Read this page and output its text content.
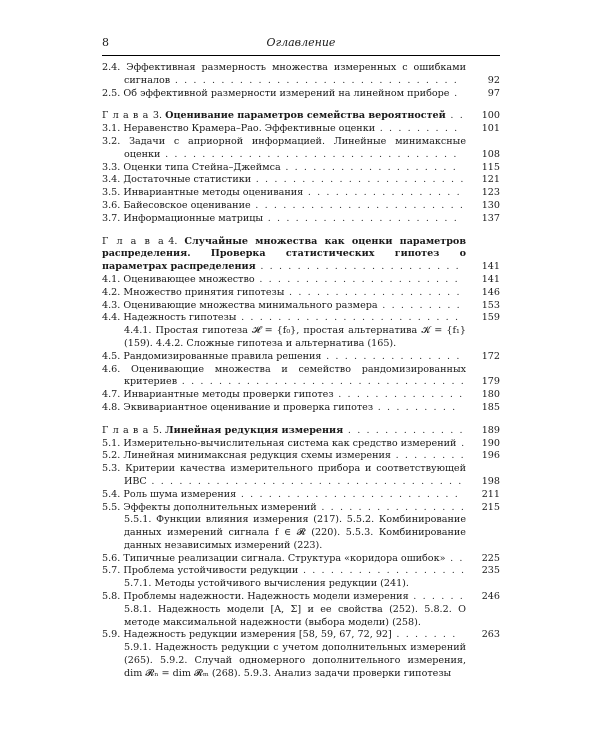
8	Оглавление
2.4. Эффективная размерность множества измеренных с ошибками сигналов . . . . . . . . . . . . . . . . . . . . . . . . . . . . . . .	92
2.5. Об эффективной размерности измерений на линейном приборе .	97
Г л а в а 3. Оценивание параметров семейства вероятностей . .	100
3.1. Неравенство Крамера–Рао. Эффективные оценки . . . . . . . . .	101
3.2. Задачи с априорной информацией. Линейные минимаксные оценки . . . . . . . . . . . . . . . . . . . . . . . . . . . . . . . .	108
3.3. Оценки типа Стейна–Джеймса . . . . . . . . . . . . . . . . . . .	115
3.4. Достаточные статистики . . . . . . . . . . . . . . . . . . . . . . .	121
3.5. Инвариантные методы оценивания . . . . . . . . . . . . . . . . .	123
3.6. Байесовское оценивание . . . . . . . . . . . . . . . . . . . . . . .	130
3.7. Информационные матрицы . . . . . . . . . . . . . . . . . . . . .	137
Г л а в а 4. Случайные множества как оценки параметров распределения. Проверка статистических гипотез о параметрах распределения . . . . . . . . . . . . . . . . . . . . . .	141
4.1. Оценивающее множество . . . . . . . . . . . . . . . . . . . . . .	141
4.2. Множество принятия гипотезы . . . . . . . . . . . . . . . . . . .	146
4.3. Оценивающие множества минимального размера . . . . . . . . .	153
4.4. Надежность гипотезы . . . . . . . . . . . . . . . . . . . . . . . .	159
4.4.1. Простая гипотеза 𝓗 = {f₀}, простая альтернатива 𝓚 = {f₁} (159). 4.4.2. Сложные гипотеза и альтернатива (165).
4.5. Рандомизированные правила решения . . . . . . . . . . . . . . .	172
4.6. Оценивающие множества и семейство рандомизированных критериев . . . . . . . . . . . . . . . . . . . . . . . . . . . . . . .	179
4.7. Инвариантные методы проверки гипотез . . . . . . . . . . . . . .	180
4.8. Эквивариантное оценивание и проверка гипотез . . . . . . . . .	185
Г л а в а 5. Линейная редукция измерения . . . . . . . . . . . . .	189
5.1. Измерительно-вычислительная система как средство измерений .	190
5.2. Линейная минимаксная редукция схемы измерения . . . . . . . .	196
5.3. Критерии качества измерительного прибора и соответствующей ИВС . . . . . . . . . . . . . . . . . . . . . . . . . . . . . . . . . .	198
5.4. Роль шума измерения . . . . . . . . . . . . . . . . . . . . . . . .	211
5.5. Эффекты дополнительных измерений . . . . . . . . . . . . . . . .	215
5.5.1. Функции влияния измерения (217). 5.5.2. Комбинирование данных измерений сигнала f ∈ 𝓡 (220). 5.5.3. Комбинирование данных независимых измерений (223).
5.6. Типичные реализации сигнала. Структура «коридора ошибок» . .	225
5.7. Проблема устойчивости редукции . . . . . . . . . . . . . . . . . .	235
5.7.1. Методы устойчивого вычисления редукции (241).
5.8. Проблемы надежности. Надежность модели измерения . . . . . .	246
5.8.1. Надежность модели [A, Σ] и ее свойства (252). 5.8.2. О методе максимальной надежности (выбора модели) (258).
5.9. Надежность редукции измерения [58, 59, 67, 72, 92] . . . . . . .	263
5.9.1. Надежность редукции с учетом дополнительных измерений (265). 5.9.2. Случай одномерного дополнительного измерения, dim 𝓡ₙ = dim 𝓡ₘ (268). 5.9.3. Анализ задачи проверки гипотезы
